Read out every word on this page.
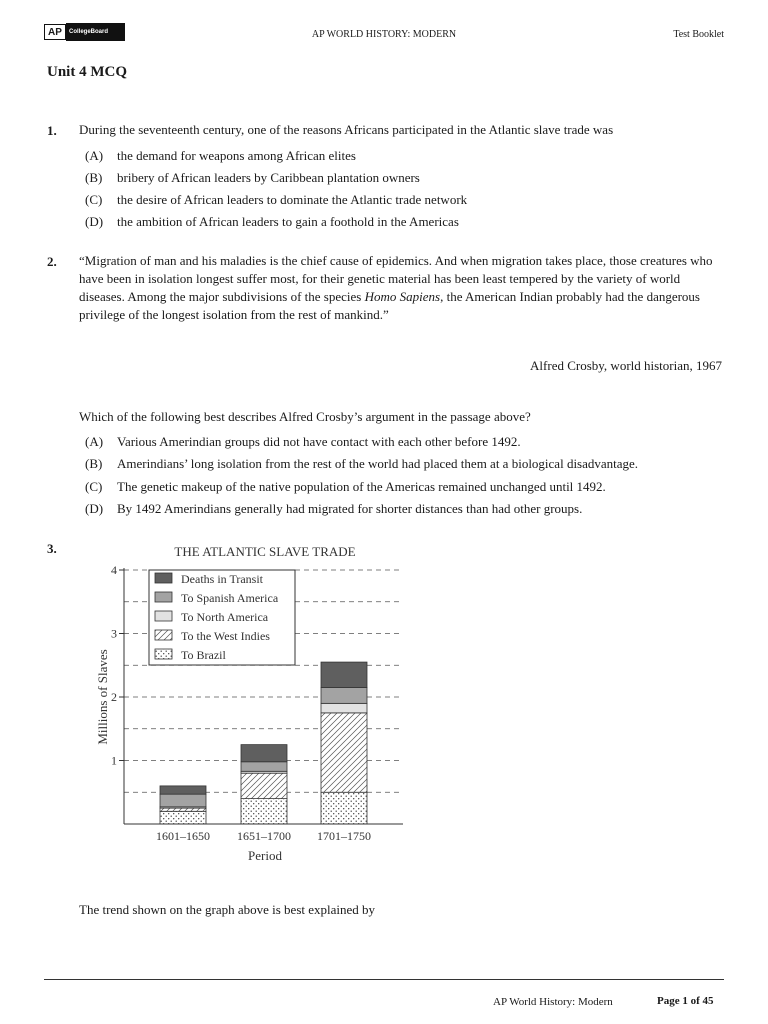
AP	CollegeBoard	AP WORLD HISTORY: MODERN	Test Booklet
Unit 4 MCQ
1. During the seventeenth century, one of the reasons Africans participated in the Atlantic slave trade was
(A)	the demand for weapons among African elites
(B)	bribery of African leaders by Caribbean plantation owners
(C)	the desire of African leaders to dominate the Atlantic trade network
(D)	the ambition of African leaders to gain a foothold in the Americas
2. “Migration of man and his maladies is the chief cause of epidemics. And when migration takes place, those creatures who have been in isolation longest suffer most, for their genetic material has been least tempered by the variety of world diseases. Among the major subdivisions of the species Homo Sapiens, the American Indian probably had the dangerous privilege of the longest isolation from the rest of mankind.”
Alfred Crosby, world historian, 1967
Which of the following best describes Alfred Crosby’s argument in the passage above?
(A)	Various Amerindian groups did not have contact with each other before 1492.
(B)	Amerindians’ long isolation from the rest of the world had placed them at a biological disadvantage.
(C)	The genetic makeup of the native population of the Americas remained unchanged until 1492.
(D)	By 1492 Amerindians generally had migrated for shorter distances than had other groups.
3.	THE ATLANTIC SLAVE TRADE
1
2
3
4
1601–1650 1651–1700 1701–1750
Deaths in Transit
To Spanish America
To North America
To the West Indies
To Brazil
Millions of Slaves
Period
The trend shown on the graph above is best explained by
AP World History: Modern	Page 1 of 45
